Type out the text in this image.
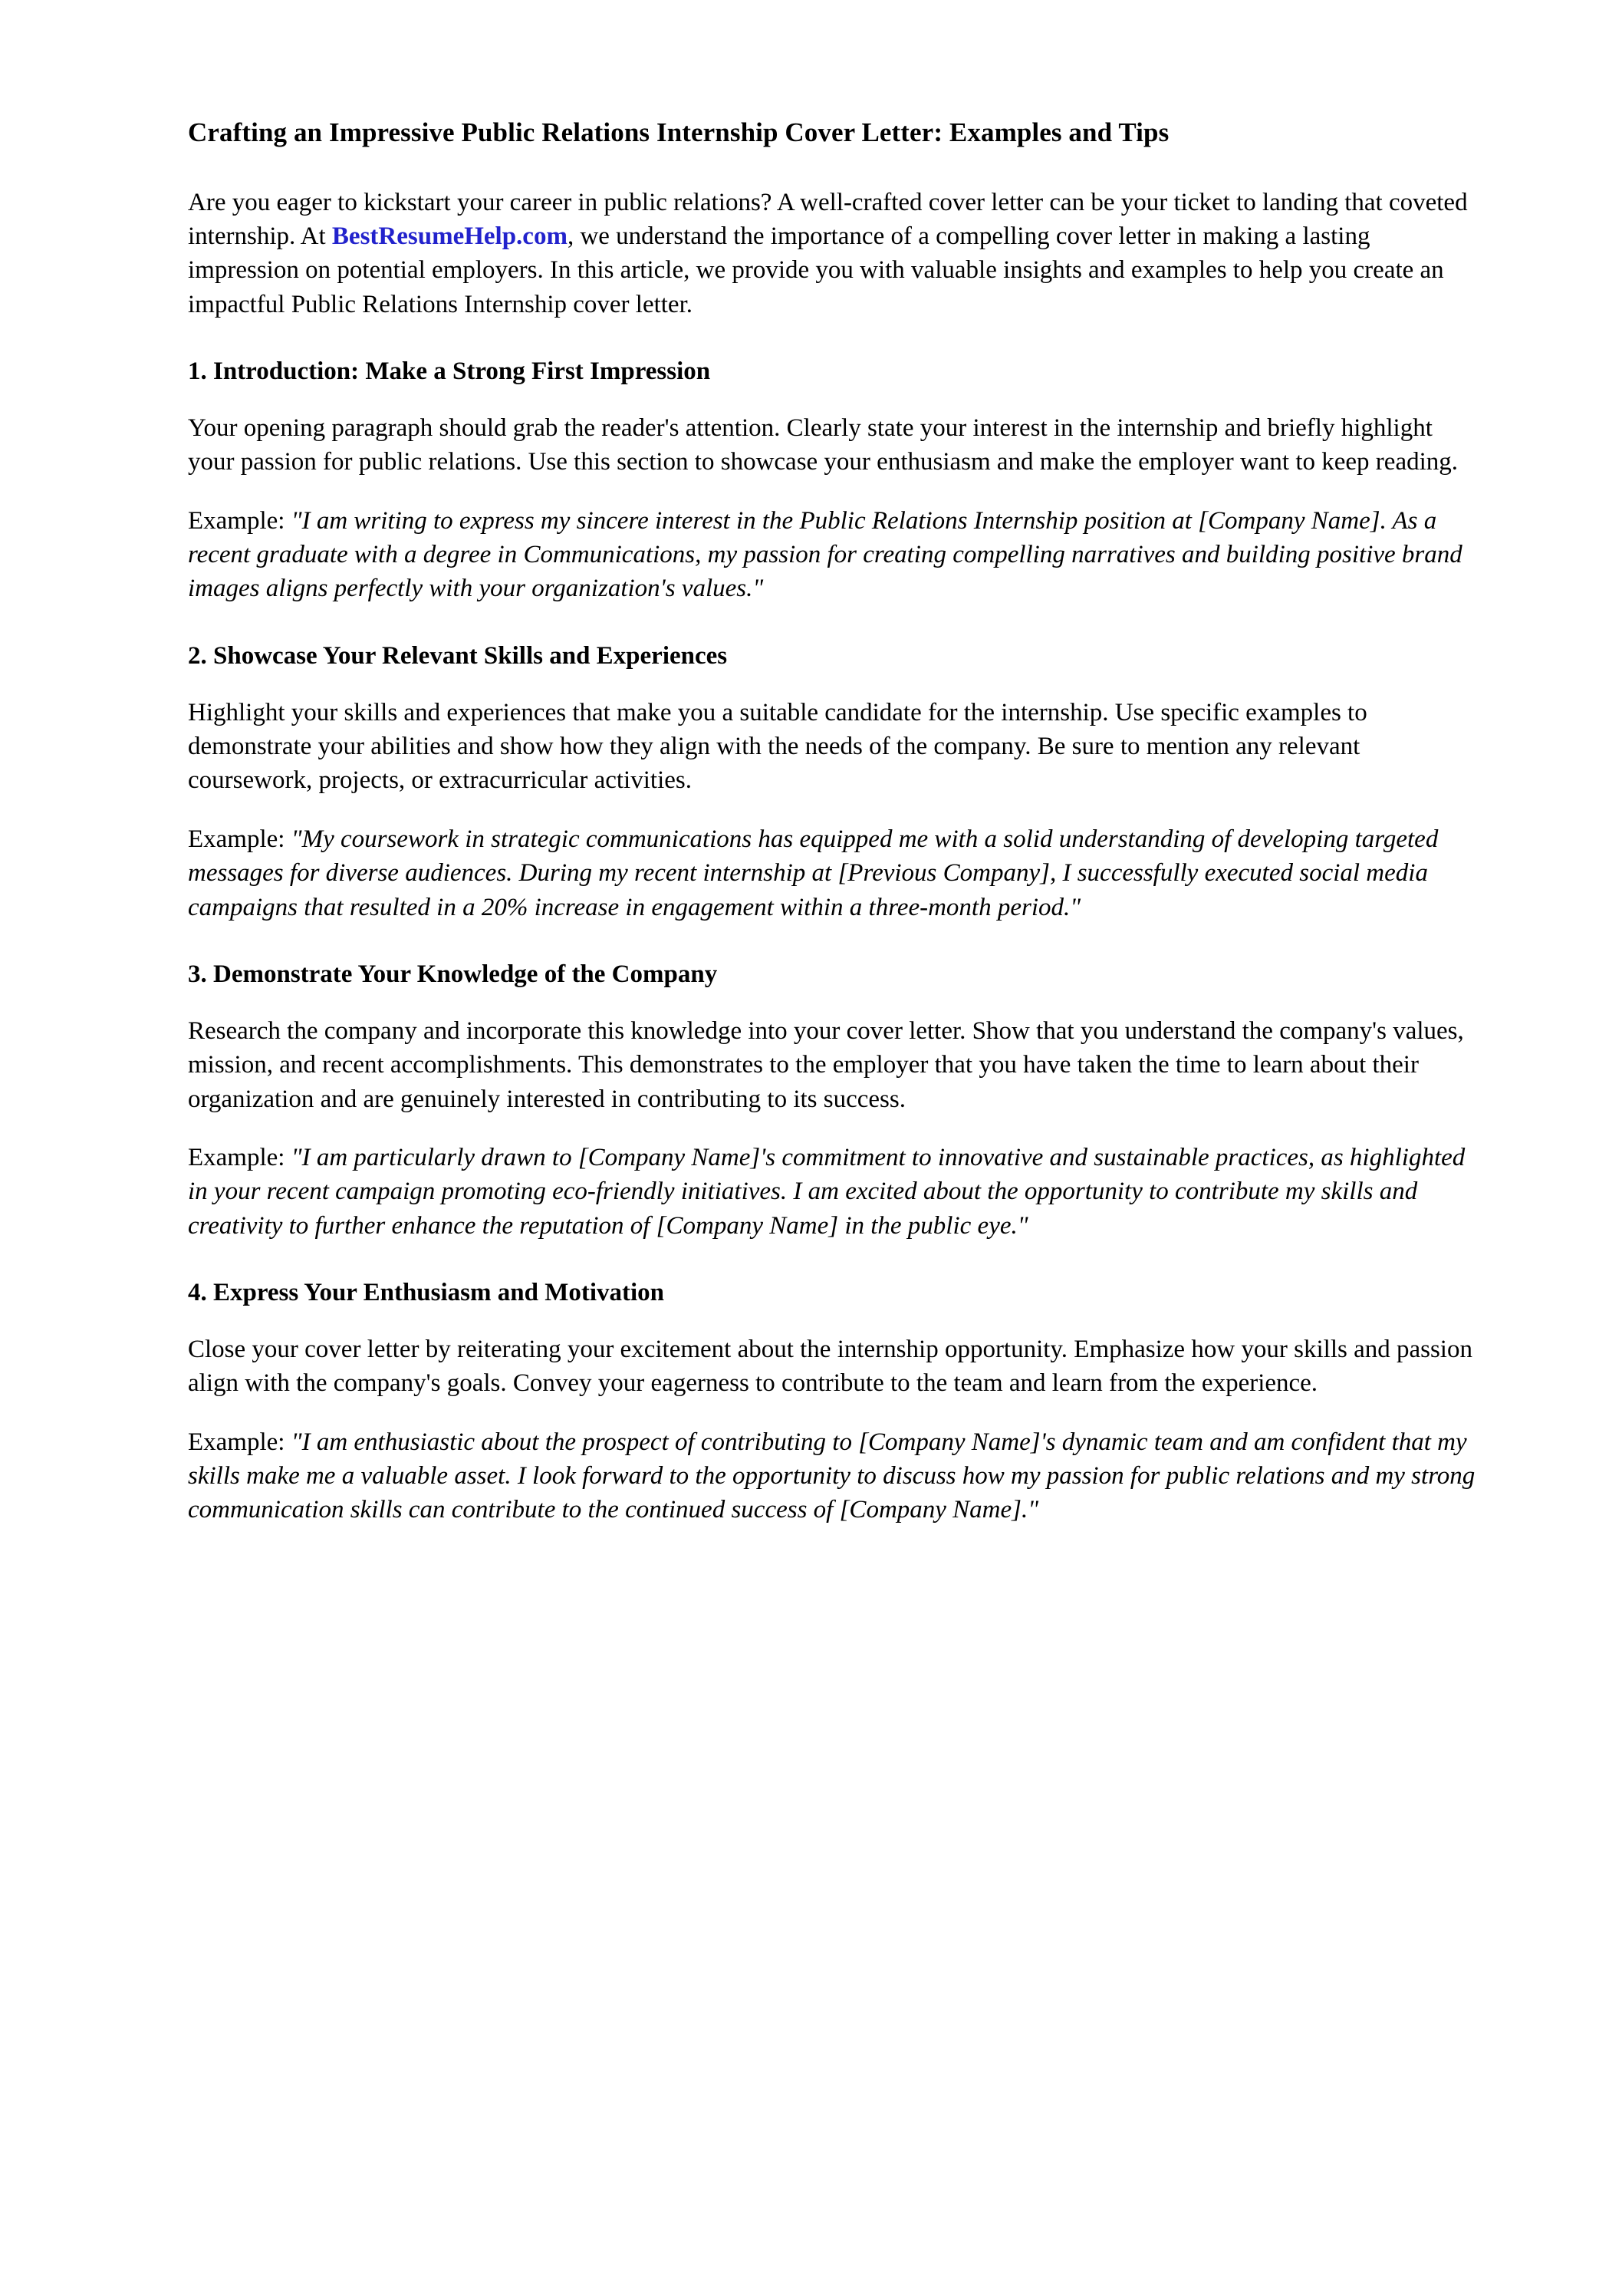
Crafting an Impressive Public Relations Internship Cover Letter: Examples and Tips

Are you eager to kickstart your career in public relations? A well-crafted cover letter can be your ticket to landing that coveted internship. At BestResumeHelp.com, we understand the importance of a compelling cover letter in making a lasting impression on potential employers. In this article, we provide you with valuable insights and examples to help you create an impactful Public Relations Internship cover letter.

1. Introduction: Make a Strong First Impression

Your opening paragraph should grab the reader's attention. Clearly state your interest in the internship and briefly highlight your passion for public relations. Use this section to showcase your enthusiasm and make the employer want to keep reading.

Example: "I am writing to express my sincere interest in the Public Relations Internship position at [Company Name]. As a recent graduate with a degree in Communications, my passion for creating compelling narratives and building positive brand images aligns perfectly with your organization's values."

2. Showcase Your Relevant Skills and Experiences

Highlight your skills and experiences that make you a suitable candidate for the internship. Use specific examples to demonstrate your abilities and show how they align with the needs of the company. Be sure to mention any relevant coursework, projects, or extracurricular activities.

Example: "My coursework in strategic communications has equipped me with a solid understanding of developing targeted messages for diverse audiences. During my recent internship at [Previous Company], I successfully executed social media campaigns that resulted in a 20% increase in engagement within a three-month period."

3. Demonstrate Your Knowledge of the Company

Research the company and incorporate this knowledge into your cover letter. Show that you understand the company's values, mission, and recent accomplishments. This demonstrates to the employer that you have taken the time to learn about their organization and are genuinely interested in contributing to its success.

Example: "I am particularly drawn to [Company Name]'s commitment to innovative and sustainable practices, as highlighted in your recent campaign promoting eco-friendly initiatives. I am excited about the opportunity to contribute my skills and creativity to further enhance the reputation of [Company Name] in the public eye."

4. Express Your Enthusiasm and Motivation

Close your cover letter by reiterating your excitement about the internship opportunity. Emphasize how your skills and passion align with the company's goals. Convey your eagerness to contribute to the team and learn from the experience.

Example: "I am enthusiastic about the prospect of contributing to [Company Name]'s dynamic team and am confident that my skills make me a valuable asset. I look forward to the opportunity to discuss how my passion for public relations and my strong communication skills can contribute to the continued success of [Company Name]."
